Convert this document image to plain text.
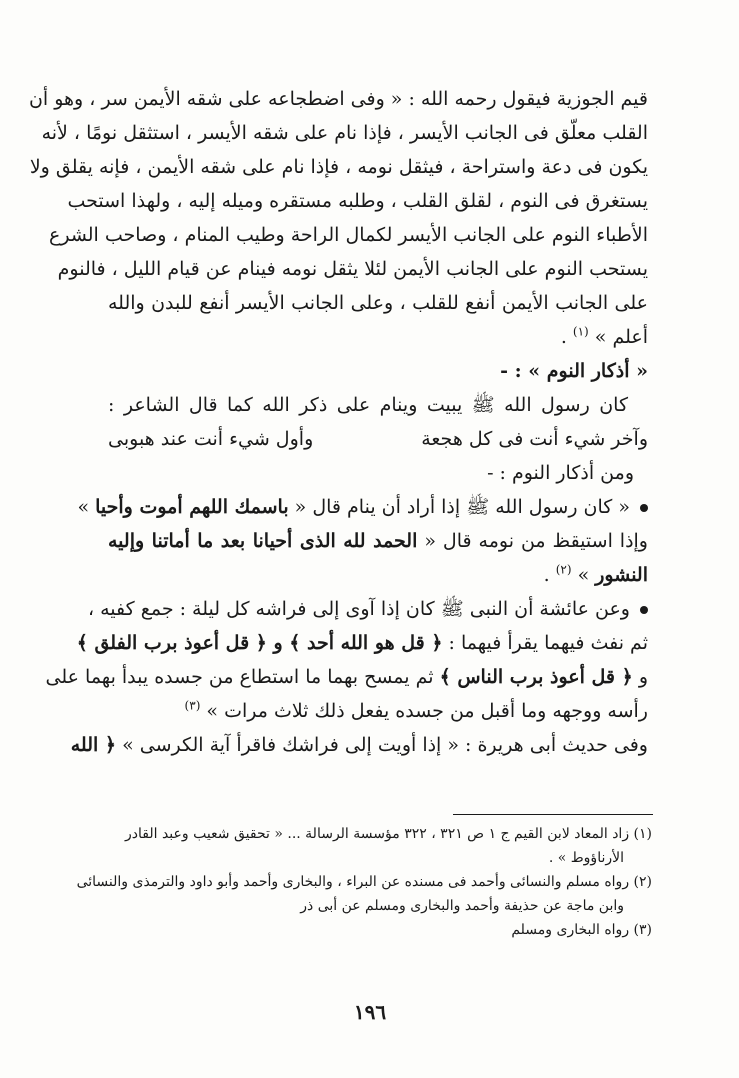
قيم الجوزية فيقول رحمه الله : « وفى اضطجاعه على شقه الأيمن سر ، وهو أن
القلب معلّق فى الجانب الأيسر ، فإذا نام على شقه الأيسر ، استثقل نومًا ، لأنه
يكون فى دعة واستراحة ، فيثقل نومه ، فإذا نام على شقه الأيمن ، فإنه يقلق ولا
يستغرق فى النوم ، لقلق القلب ، وطلبه مستقره وميله إليه ، ولهذا استحب
الأطباء النوم على الجانب الأيسر لكمال الراحة وطيب المنام ، وصاحب الشرع
يستحب النوم على الجانب الأيمن لئلا يثقل نومه فينام عن قيام الليل ، فالنوم
على الجانب الأيمن أنفع للقلب ، وعلى الجانب الأيسر أنفع للبدن والله
أعلم » $^{(١)}$ .
« أذكار النوم » : -
كان رسول الله ﷺ يبيت وينام على ذكر الله كما قال الشاعر :
وآخر شيء أنت فى كل هجعة
وأول شيء أنت عند هبوبى
ومن أذكار النوم : -
« كان رسول الله ﷺ إذا أراد أن ينام قال « باسمك اللهم أموت وأحيا »
وإذا استيقظ من نومه قال « الحمد لله الذى أحيانا بعد ما أماتنا وإليه
النشور » $^{(٢)}$ .
وعن عائشة أن النبى ﷺ كان إذا آوى إلى فراشه كل ليلة : جمع كفيه ،
ثم نفث فيهما يقرأ فيهما : ﴿ قل هو الله أحد ﴾ و ﴿ قل أعوذ برب الفلق ﴾
و ﴿ قل أعوذ برب الناس ﴾ ثم يمسح بهما ما استطاع من جسده يبدأ بهما على
رأسه ووجهه وما أقبل من جسده يفعل ذلك ثلاث مرات » $^{(٣)}$
وفى حديث أبى هريرة : « إذا أويت إلى فراشك فاقرأ آية الكرسى » ﴿ الله
(١) زاد المعاد لابن القيم ج ١ ص ٣٢١ ، ٣٢٢ مؤسسة الرسالة ... « تحقيق شعيب وعبد القادر
الأرناؤوط » .
(٢) رواه مسلم والنسائى وأحمد فى مسنده عن البراء ، والبخارى وأحمد وأبو داود والترمذى والنسائى
وابن ماجة عن حذيفة وأحمد والبخارى ومسلم عن أبى ذر
(٣) رواه البخارى ومسلم
١٩٦
